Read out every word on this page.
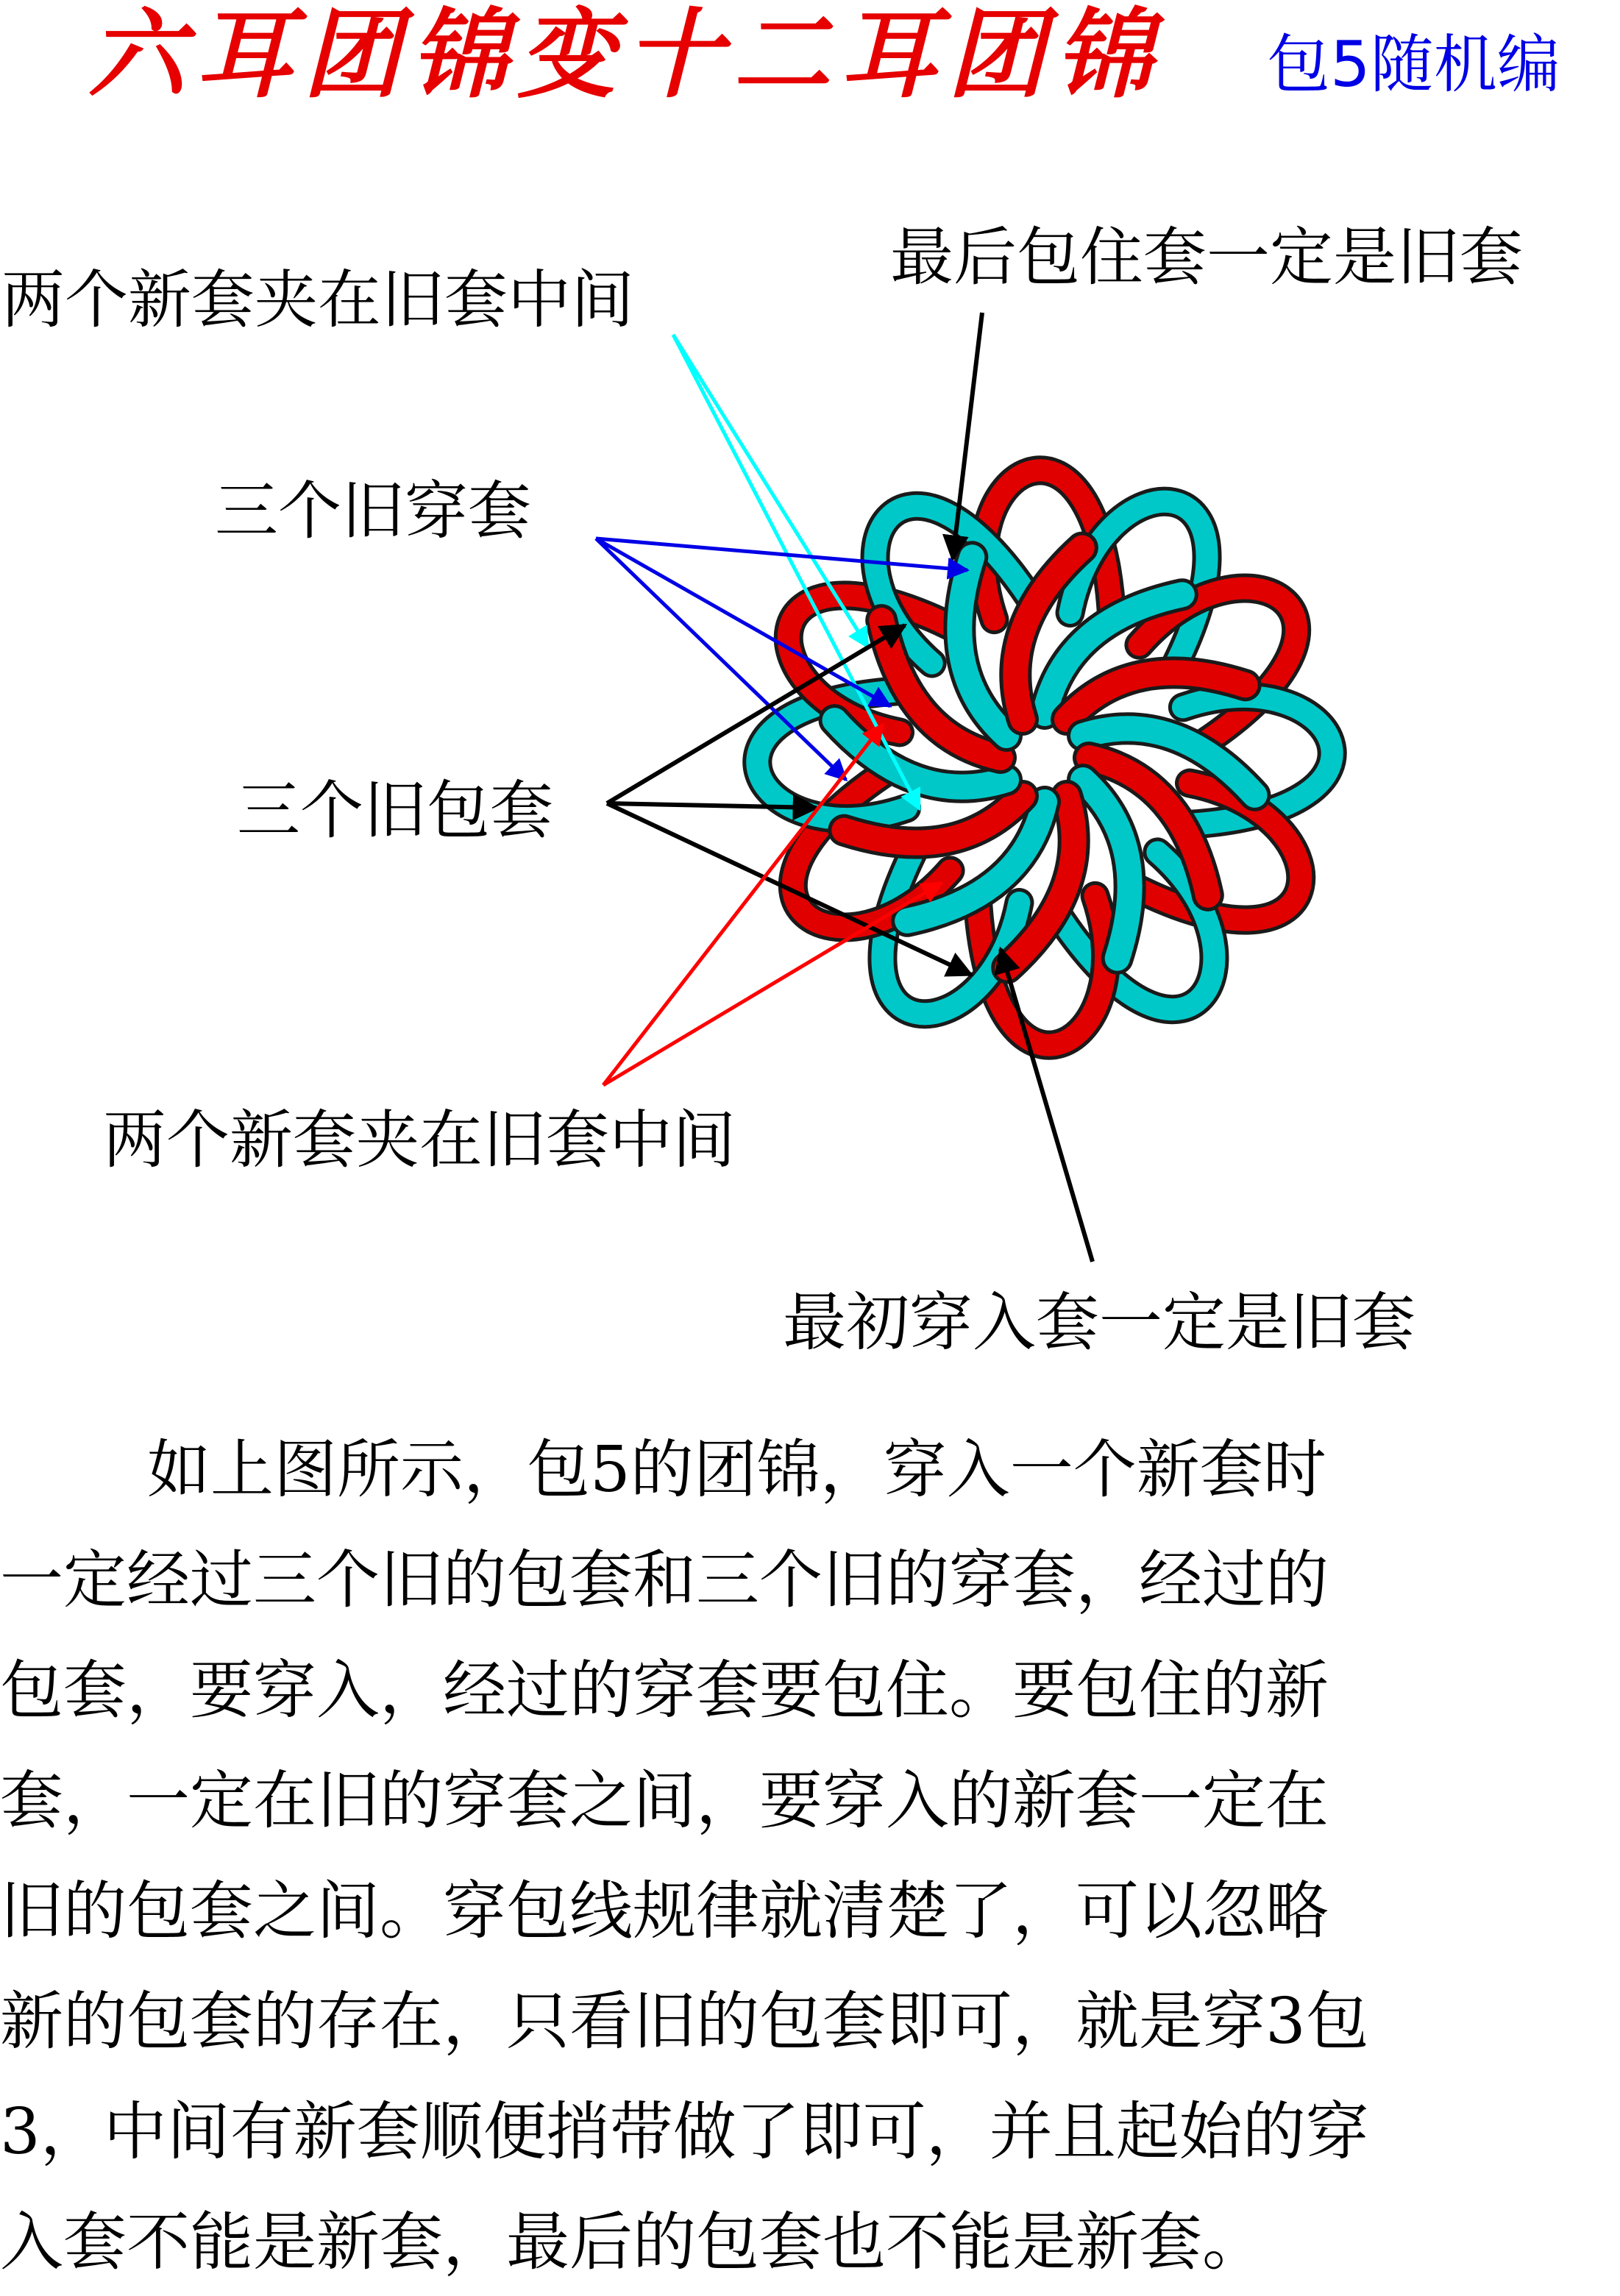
六耳团锦变十二耳团锦 包5随机编
两个新套夹在旧套中间
最后包住套一定是旧套
三个旧穿套
三个旧包套
两个新套夹在旧套中间
最初穿入套一定是旧套
如上图所示，包5的团锦，穿入一个新套时
一定经过三个旧的包套和三个旧的穿套，经过的
包套，要穿入，经过的穿套要包住。要包住的新
套，一定在旧的穿套之间，要穿入的新套一定在
旧的包套之间。穿包线规律就清楚了，可以忽略
新的包套的存在，只看旧的包套即可，就是穿3包
3，中间有新套顺便捎带做了即可，并且起始的穿
入套不能是新套，最后的包套也不能是新套。
